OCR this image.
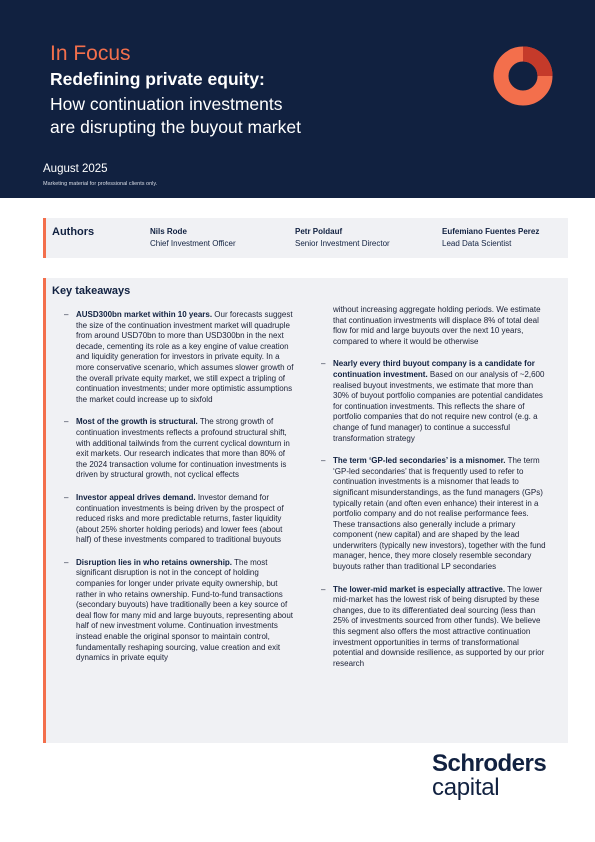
In Focus
Redefining private equity:
How continuation investments
are disrupting the buyout market
August 2025
Marketing material for professional clients only.
Authors	Nils Rode
Chief Investment Officer
Petr Poldauf
Senior Investment Director
Eufemiano Fuentes Perez
Lead Data Scientist
Key takeaways
– AUSD300bn market within 10 years. Our forecasts suggest the size of the continuation investment market will quadruple from around USD70bn to more than USD300bn in the next decade, cementing its role as a key engine of value creation and liquidity generation for investors in private equity. In a more conservative scenario, which assumes slower growth of the overall private equity market, we still expect a tripling of continuation investments; under more optimistic assumptions the market could increase up to sixfold
– Most of the growth is structural. The strong growth of continuation investments reflects a profound structural shift, with additional tailwinds from the current cyclical downturn in exit markets. Our research indicates that more than 80% of the 2024 transaction volume for continuation investments is driven by structural growth, not cyclical effects
– Investor appeal drives demand. Investor demand for continuation investments is being driven by the prospect of reduced risks and more predictable returns, faster liquidity (about 25% shorter holding periods) and lower fees (about half) of these investments compared to traditional buyouts
– Disruption lies in who retains ownership. The most significant disruption is not in the concept of holding companies for longer under private equity ownership, but rather in who retains ownership. Fund-to-fund transactions (secondary buyouts) have traditionally been a key source of deal flow for many mid and large buyouts, representing about half of new investment volume. Continuation investments instead enable the original sponsor to maintain control, fundamentally reshaping sourcing, value creation and exit dynamics in private equity
without increasing aggregate holding periods. We estimate that continuation investments will displace 8% of total deal flow for mid and large buyouts over the next 10 years, compared to where it would be otherwise
– Nearly every third buyout company is a candidate for continuation investment. Based on our analysis of ~2,600 realised buyout investments, we estimate that more than 30% of buyout portfolio companies are potential candidates for continuation investments. This reflects the share of portfolio companies that do not require new control (e.g. a change of fund manager) to continue a successful transformation strategy
– The term ‘GP-led secondaries’ is a misnomer. The term ‘GP-led secondaries’ that is frequently used to refer to continuation investments is a misnomer that leads to significant misunderstandings, as the fund managers (GPs) typically retain (and often even enhance) their interest in a portfolio company and do not realise performance fees. These transactions also generally include a primary component (new capital) and are shaped by the lead underwriters (typically new investors), together with the fund manager, hence, they more closely resemble secondary buyouts rather than traditional LP secondaries
– The lower-mid market is especially attractive. The lower mid-market has the lowest risk of being disrupted by these changes, due to its differentiated deal sourcing (less than 25% of investments sourced from other funds). We believe this segment also offers the most attractive continuation investment opportunities in terms of transformational potential and downside resilience, as supported by our prior research
Schroders
capital
